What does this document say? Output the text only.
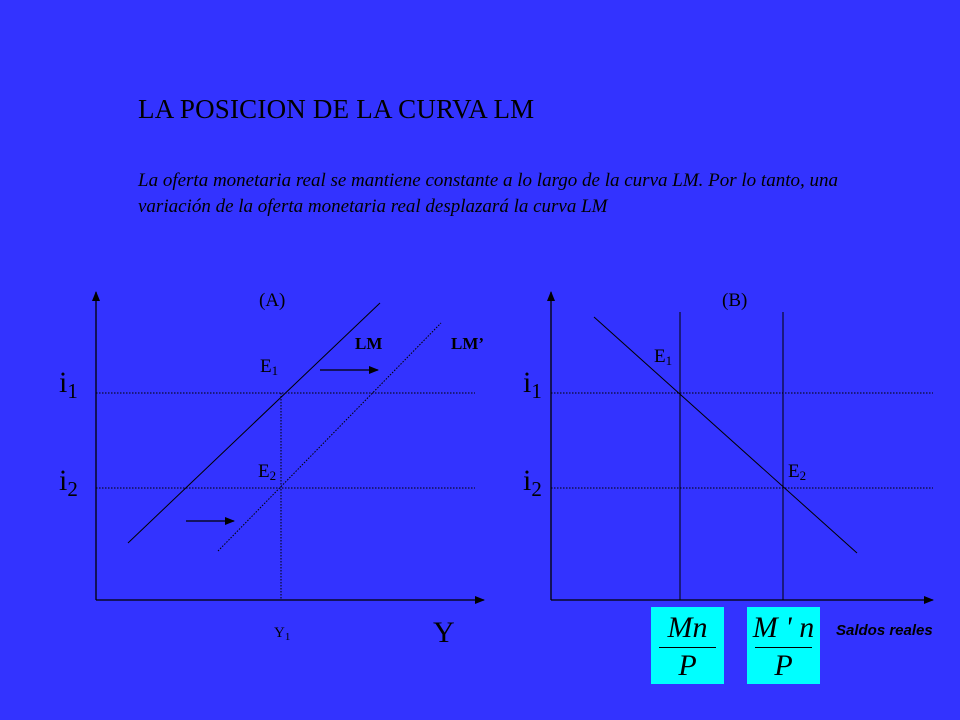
LA POSICION DE LA CURVA LM
La oferta monetaria real se mantiene constante a lo largo de la curva LM. Por lo tanto, una variación de la oferta monetaria real desplazará la curva LM
(A)
LM	LM’
E1
E2
$i_1$
$i_2$
$Y_1$	Y
(B)
E1
E2
$i_1$
$i_2$
Mn
P
M ' n
P
Saldos reales
